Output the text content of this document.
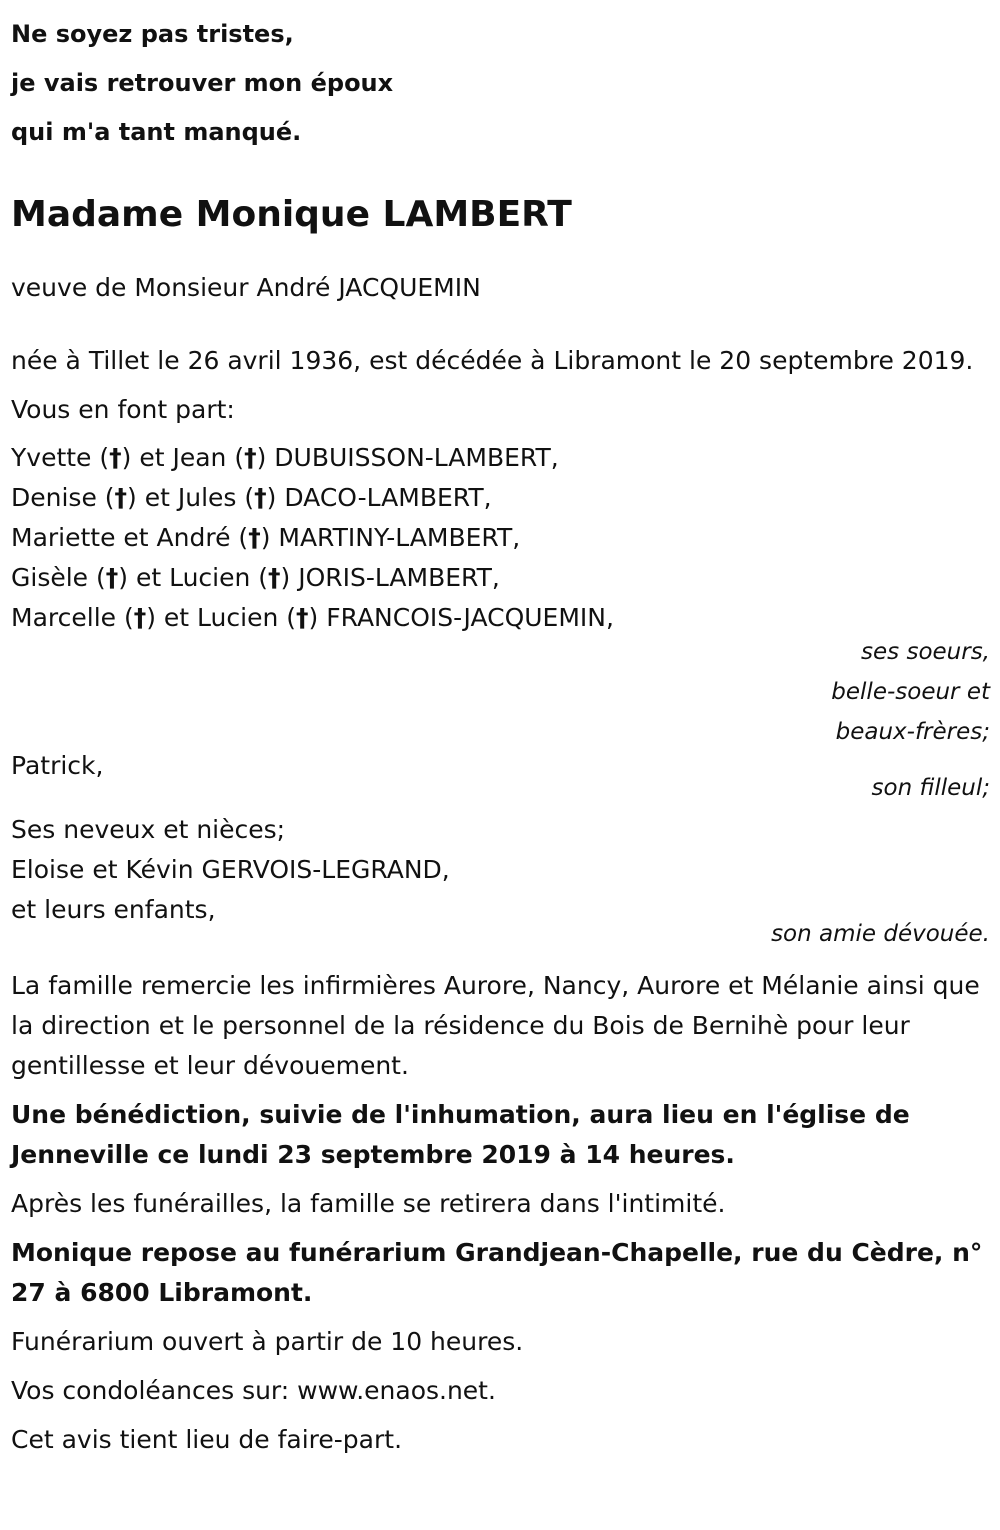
Ne soyez pas tristes,
je vais retrouver mon époux
qui m'a tant manqué.
Madame Monique LAMBERT
veuve de Monsieur André JACQUEMIN
née à Tillet le 26 avril 1936, est décédée à Libramont le 20 septembre 2019.
Vous en font part:
Yvette (†) et Jean (†) DUBUISSON-LAMBERT,
Denise (†) et Jules (†) DACO-LAMBERT,
Mariette et André (†) MARTINY-LAMBERT,
Gisèle (†) et Lucien (†) JORIS-LAMBERT,
Marcelle (†) et Lucien (†) FRANCOIS-JACQUEMIN,
ses soeurs,
belle-soeur et
beaux-frères;
Patrick,
son filleul;
Ses neveux et nièces;
Eloise et Kévin GERVOIS-LEGRAND,
et leurs enfants,
son amie dévouée.
La famille remercie les infirmières Aurore, Nancy, Aurore et Mélanie ainsi que la direction et le personnel de la résidence du Bois de Bernihè pour leur gentillesse et leur dévouement.
Une bénédiction, suivie de l'inhumation, aura lieu en l'église de Jenneville ce lundi 23 septembre 2019 à 14 heures.
Après les funérailles, la famille se retirera dans l'intimité.
Monique repose au funérarium Grandjean-Chapelle, rue du Cèdre, n° 27 à 6800 Libramont.
Funérarium ouvert à partir de 10 heures.
Vos condoléances sur: www.enaos.net.
Cet avis tient lieu de faire-part.
